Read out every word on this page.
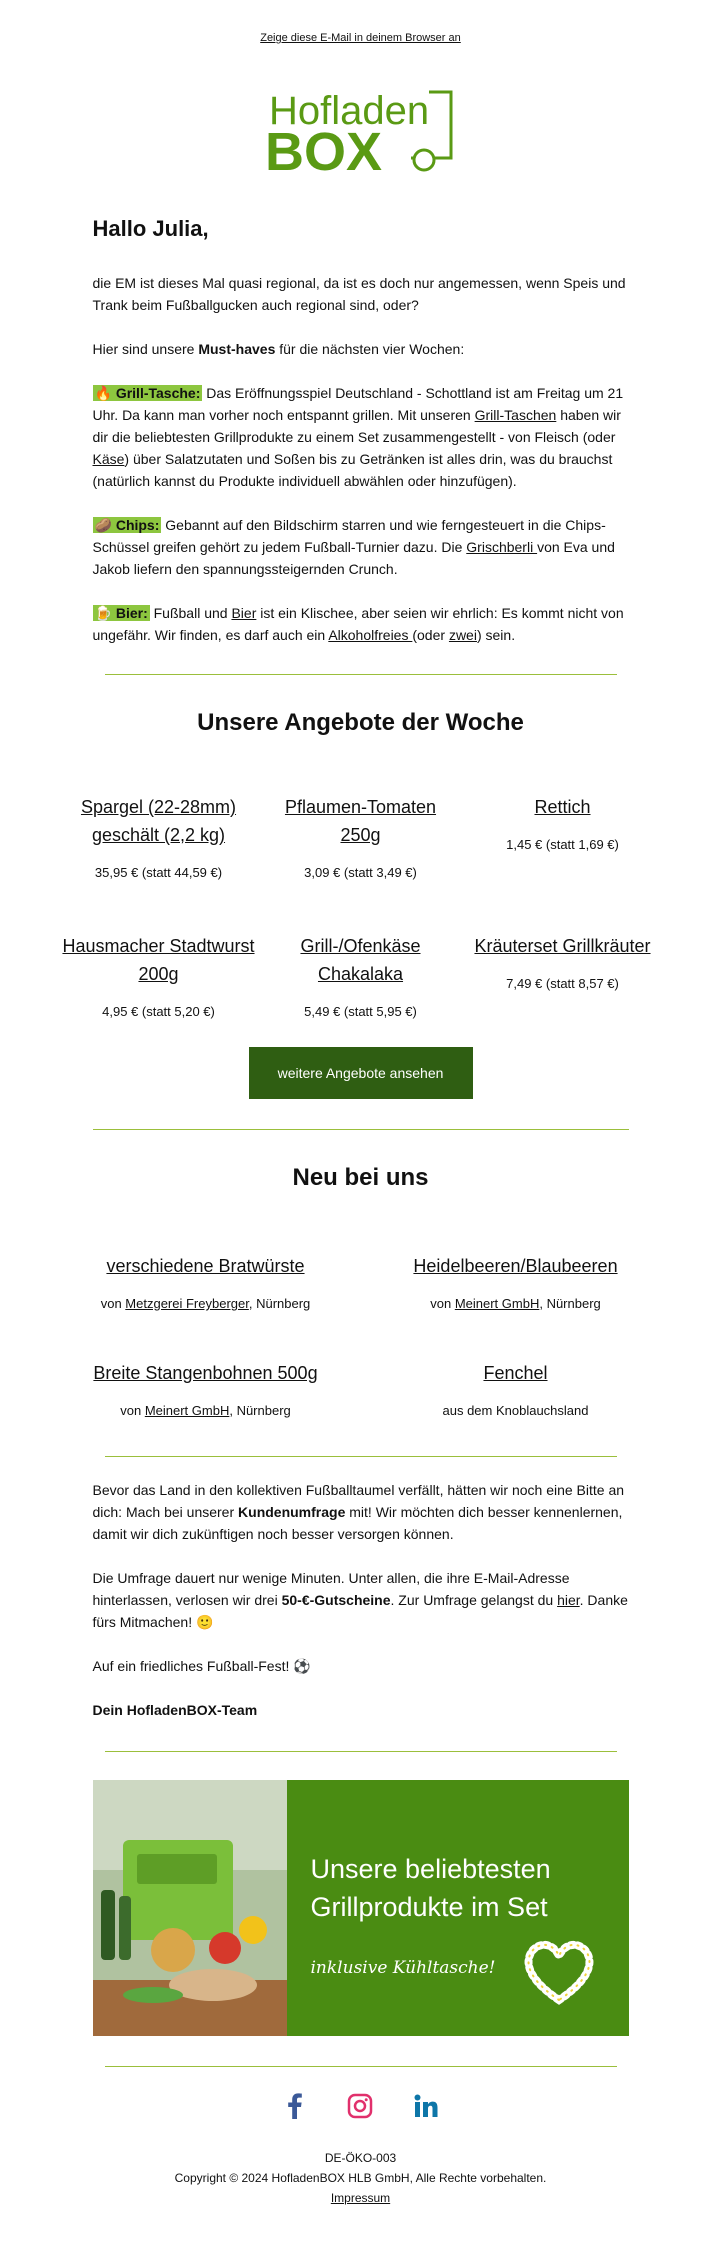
Zeige diese E-Mail in deinem Browser an
Hofladen
BOX
Hallo Julia,
die EM ist dieses Mal quasi regional, da ist es doch nur angemessen, wenn Speis und Trank beim Fußballgucken auch regional sind, oder?
Hier sind unsere Must-haves für die nächsten vier Wochen:
🔥 Grill-Tasche: Das Eröffnungsspiel Deutschland - Schottland ist am Freitag um 21 Uhr. Da kann man vorher noch entspannt grillen. Mit unseren Grill-Taschen haben wir dir die beliebtesten Grillprodukte zu einem Set zusammengestellt - von Fleisch (oder Käse) über Salatzutaten und Soßen bis zu Getränken ist alles drin, was du brauchst (natürlich kannst du Produkte individuell abwählen oder hinzufügen).
🥔 Chips: Gebannt auf den Bildschirm starren und wie ferngesteuert in die Chips-Schüssel greifen gehört zu jedem Fußball-Turnier dazu. Die Grischberli von Eva und Jakob liefern den spannungssteigernden Crunch.
🍺 Bier: Fußball und Bier ist ein Klischee, aber seien wir ehrlich: Es kommt nicht von ungefähr. Wir finden, es darf auch ein Alkoholfreies (oder zwei) sein.
Unsere Angebote der Woche
Spargel (22-28mm) geschält (2,2 kg)
35,95 € (statt 44,59 €)
Pflaumen-Tomaten 250g
3,09 € (statt 3,49 €)
Rettich
1,45 € (statt 1,69 €)
Hausmacher Stadtwurst 200g
4,95 € (statt 5,20 €)
Grill-/Ofenkäse Chakalaka
5,49 € (statt 5,95 €)
Kräuterset Grillkräuter
7,49 € (statt 8,57 €)
weitere Angebote ansehen
Neu bei uns
verschiedene Bratwürste
von Metzgerei Freyberger, Nürnberg
Heidelbeeren/Blaubeeren
von Meinert GmbH, Nürnberg
Breite Stangenbohnen 500g
von Meinert GmbH, Nürnberg
Fenchel
aus dem Knoblauchsland
Bevor das Land in den kollektiven Fußballtaumel verfällt, hätten wir noch eine Bitte an dich: Mach bei unserer Kundenumfrage mit! Wir möchten dich besser kennenlernen, damit wir dich zukünftigen noch besser versorgen können.
Die Umfrage dauert nur wenige Minuten. Unter allen, die ihre E-Mail-Adresse hinterlassen, verlosen wir drei 50-€-Gutscheine. Zur Umfrage gelangst du hier. Danke fürs Mitmachen! 🙂
Auf ein friedliches Fußball-Fest! ⚽
Dein HofladenBOX-Team
Unsere beliebtesten
Grillprodukte im Set
inklusive Kühltasche!
DE-ÖKO-003
Copyright © 2024 HofladenBOX HLB GmbH, Alle Rechte vorbehalten.
Impressum
